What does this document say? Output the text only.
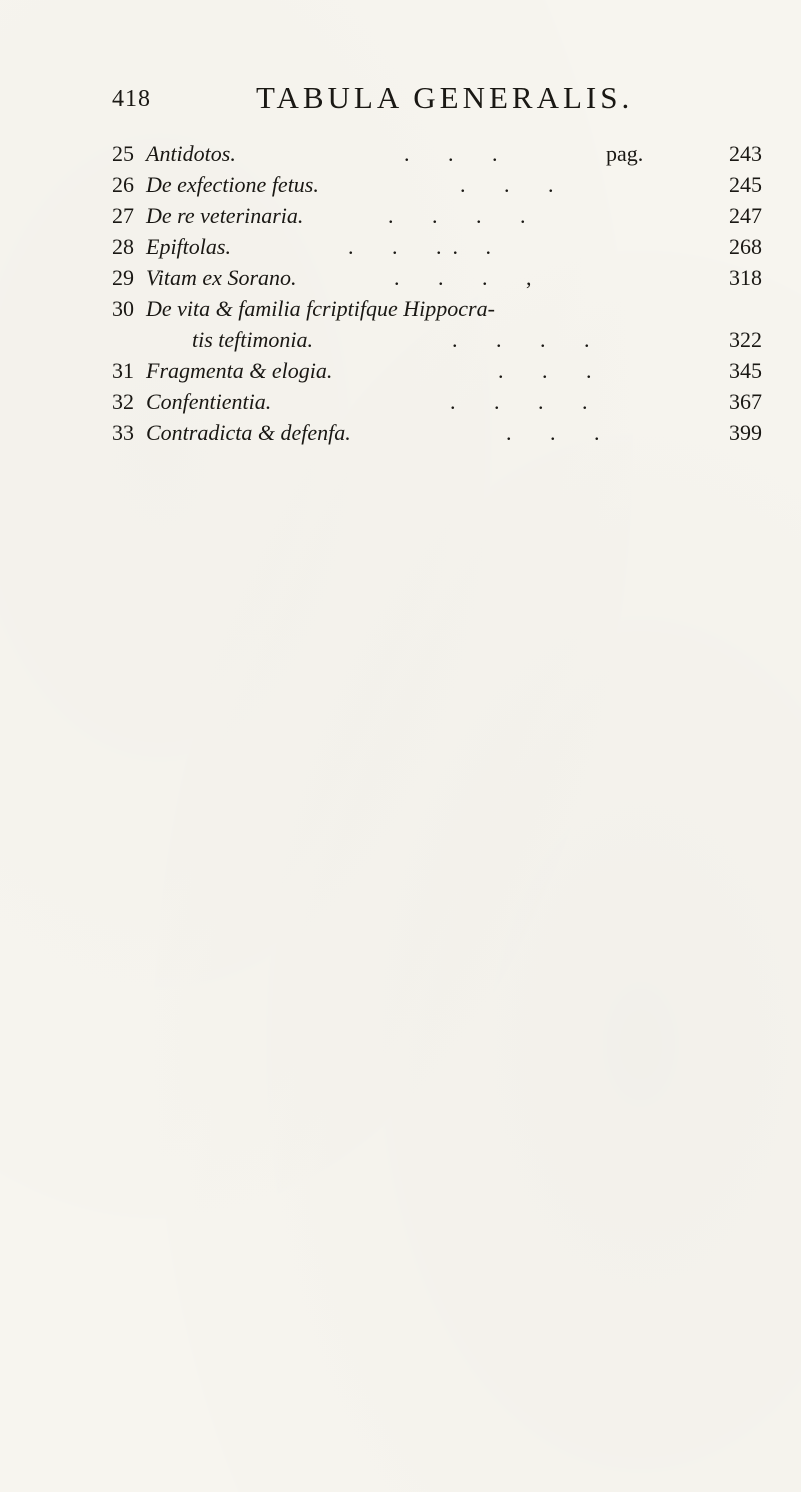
418	TABULA GENERALIS.
25 Antidotos.	.       .       .	pag.	243
26 De exfectione fetus.	.       .       .	245
27 De re veterinaria.	.       .       .       .	247
28 Epiftolas.	.       .       .  .     .	268
29 Vitam ex Sorano.	.       .       .       ,	318
30 De vita & familia fcriptifque Hippocra-
tis teftimonia.	.       .       .       .	322
31 Fragmenta & elogia.	.       .       .	345
32 Confentientia.	.       .       .       .	367
33 Contradicta & defenfa.	.       .       .	399
